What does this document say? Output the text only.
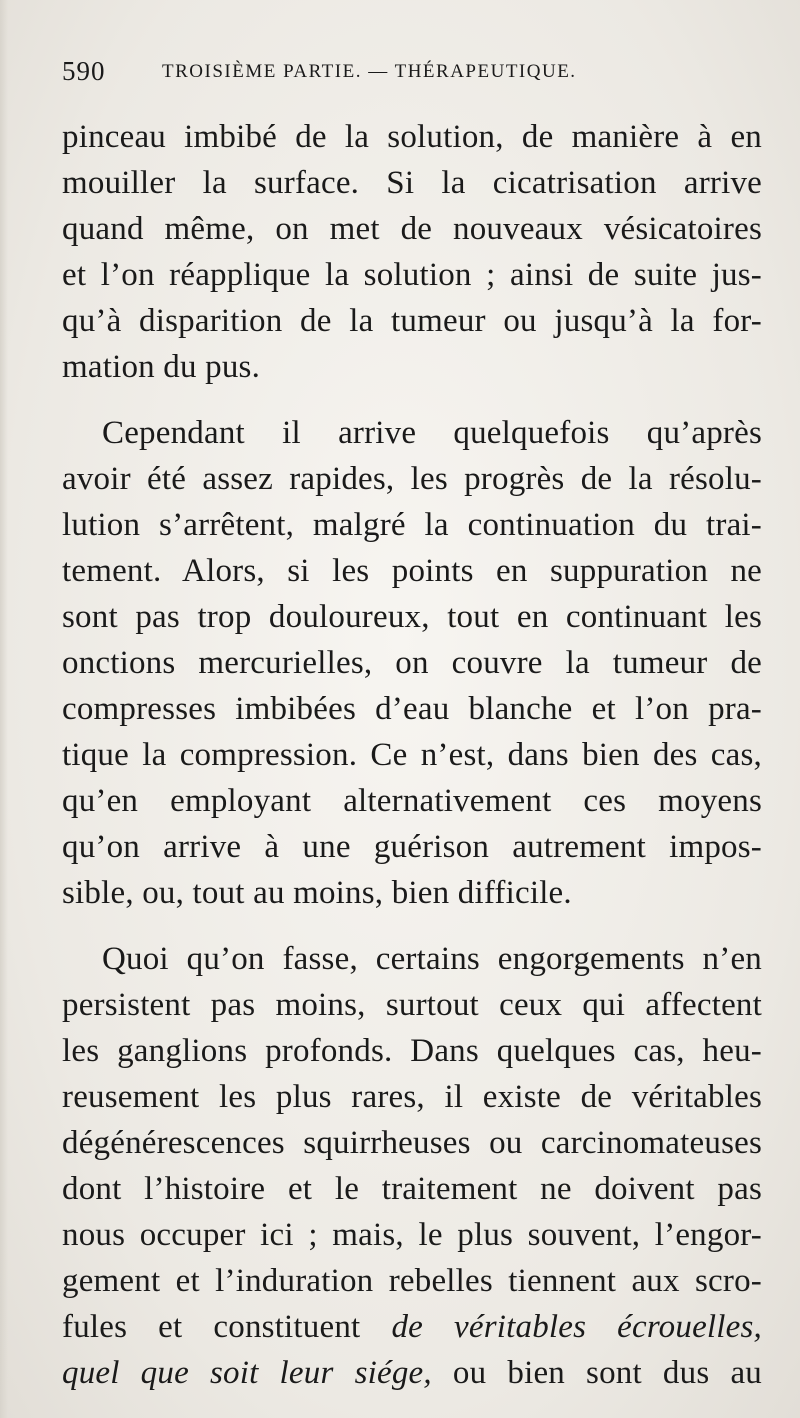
590	TROISIÈME PARTIE. — THÉRAPEUTIQUE.
pinceau imbibé de la solution, de manière à en
mouiller la surface. Si la cicatrisation arrive
quand même, on met de nouveaux vésicatoires
et l’on réapplique la solution ; ainsi de suite jus-
qu’à disparition de la tumeur ou jusqu’à la for-
mation du pus.
Cependant il arrive quelquefois qu’après
avoir été assez rapides, les progrès de la résolu-
lution s’arrêtent, malgré la continuation du trai-
tement. Alors, si les points en suppuration ne
sont pas trop douloureux, tout en continuant les
onctions mercurielles, on couvre la tumeur de
compresses imbibées d’eau blanche et l’on pra-
tique la compression. Ce n’est, dans bien des cas,
qu’en employant alternativement ces moyens
qu’on arrive à une guérison autrement impos-
sible, ou, tout au moins, bien difficile.
Quoi qu’on fasse, certains engorgements n’en
persistent pas moins, surtout ceux qui affectent
les ganglions profonds. Dans quelques cas, heu-
reusement les plus rares, il existe de véritables
dégénérescences squirrheuses ou carcinomateuses
dont l’histoire et le traitement ne doivent pas
nous occuper ici ; mais, le plus souvent, l’engor-
gement et l’induration rebelles tiennent aux scro-
fules et constituent de véritables écrouelles,
quel que soit leur siége, ou bien sont dus au
